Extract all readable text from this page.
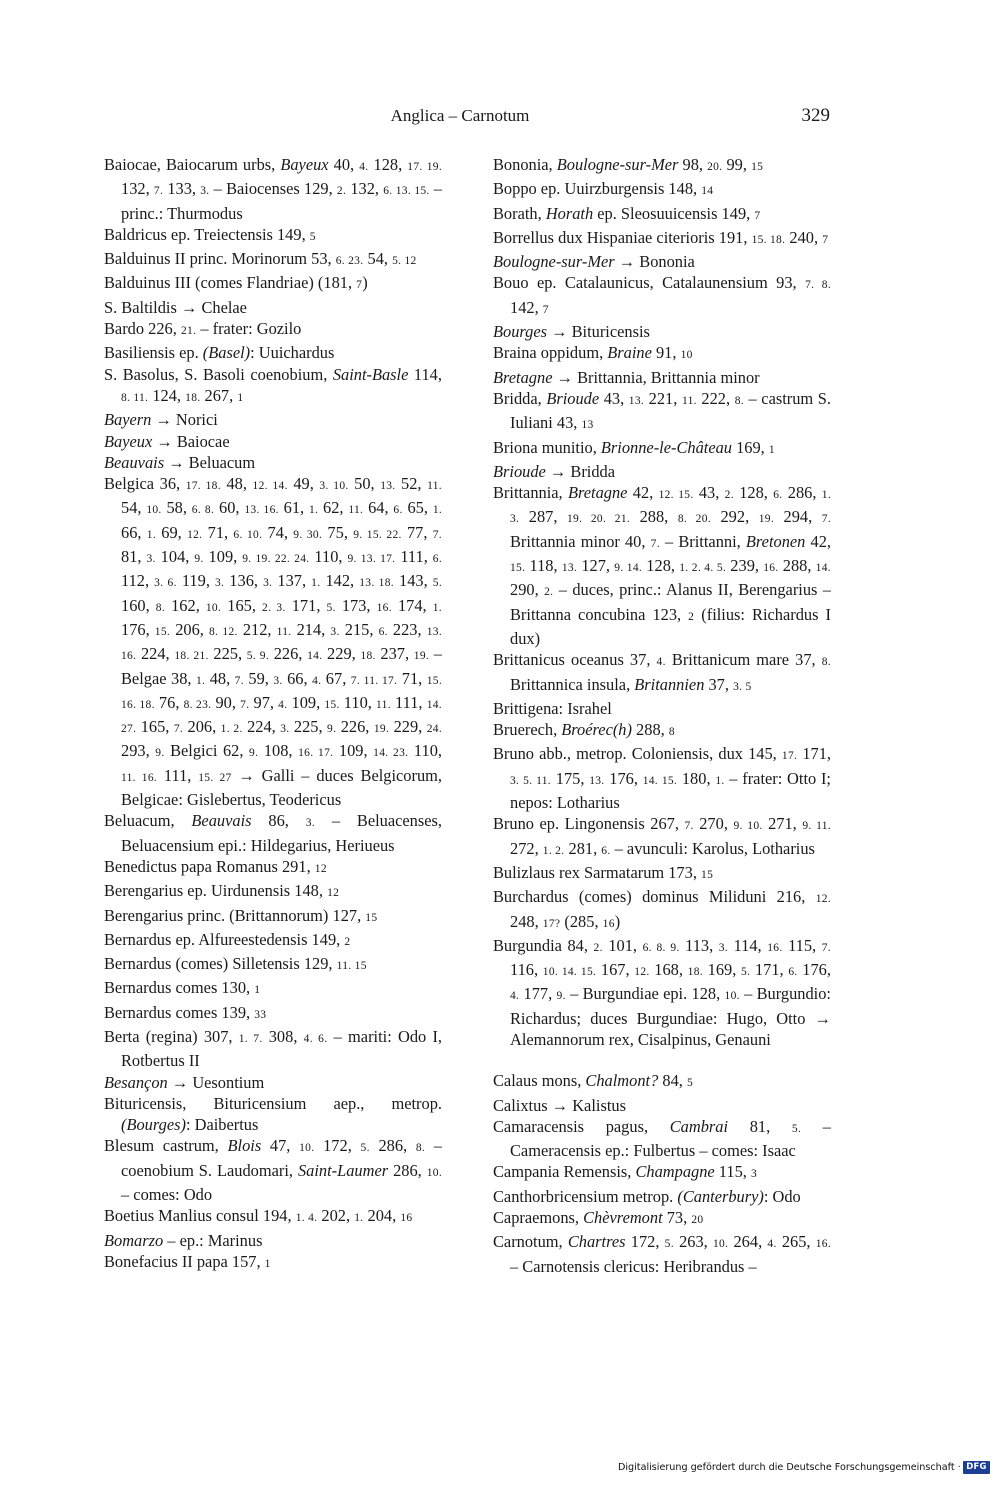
Anglica – Carnotum	329
Baiocae, Baiocarum urbs, Bayeux 40, 4. 128, 17. 19. 132, 7. 133, 3. – Baiocenses 129, 2. 132, 6. 13. 15. – princ.: Thurmodus
Baldricus ep. Treiectensis 149, 5
Balduinus II princ. Morinorum 53, 6. 23. 54, 5. 12
Balduinus III (comes Flandriae) (181, 7)
S. Baltildis → Chelae
Bardo 226, 21. – frater: Gozilo
Basiliensis ep. (Basel): Uuichardus
S. Basolus, S. Basoli coenobium, Saint-Basle 114, 8. 11. 124, 18. 267, 1
Bayern → Norici
Bayeux → Baiocae
Beauvais → Beluacum
Belgica 36, 17. 18. 48, 12. 14. 49, 3. 10. 50, 13. 52, 11. 54, 10. 58, 6. 8. 60, 13. 16. 61, 1. 62, 11. 64, 6. 65, 1. 66, 1. 69, 12. 71, 6. 10. 74, 9. 30. 75, 9. 15. 22. 77, 7. 81, 3. 104, 9. 109, 9. 19. 22. 24. 110, 9. 13. 17. 111, 6. 112, 3. 6. 119, 3. 136, 3. 137, 1. 142, 13. 18. 143, 5. 160, 8. 162, 10. 165, 2. 3. 171, 5. 173, 16. 174, 1. 176, 15. 206, 8. 12. 212, 11. 214, 3. 215, 6. 223, 13. 16. 224, 18. 21. 225, 5. 9. 226, 14. 229, 18. 237, 19. – Belgae 38, 1. 48, 7. 59, 3. 66, 4. 67, 7. 11. 17. 71, 15. 16. 18. 76, 8. 23. 90, 7. 97, 4. 109, 15. 110, 11. 111, 14. 27. 165, 7. 206, 1. 2. 224, 3. 225, 9. 226, 19. 229, 24. 293, 9. Belgici 62, 9. 108, 16. 17. 109, 14. 23. 110, 11. 16. 111, 15. 27 → Galli – duces Belgicorum, Belgicae: Gislebertus, Teodericus
Beluacum, Beauvais 86, 3. – Beluacenses, Beluacensium epi.: Hildegarius, Heriueus
Benedictus papa Romanus 291, 12
Berengarius ep. Uirdunensis 148, 12
Berengarius princ. (Brittannorum) 127, 15
Bernardus ep. Alfureestedensis 149, 2
Bernardus (comes) Silletensis 129, 11. 15
Bernardus comes 130, 1
Bernardus comes 139, 33
Berta (regina) 307, 1. 7. 308, 4. 6. – mariti: Odo I, Rotbertus II
Besançon → Uesontium
Bituricensis, Bituricensium aep., metrop. (Bourges): Daibertus
Blesum castrum, Blois 47, 10. 172, 5. 286, 8. – coenobium S. Laudomari, Saint-Laumer 286, 10. – comes: Odo
Boetius Manlius consul 194, 1. 4. 202, 1. 204, 16
Bomarzo – ep.: Marinus
Bonefacius II papa 157, 1
Bononia, Boulogne-sur-Mer 98, 20. 99, 15
Boppo ep. Uuirzburgensis 148, 14
Borath, Horath ep. Sleosuuicensis 149, 7
Borrellus dux Hispaniae citerioris 191, 15. 18. 240, 7
Boulogne-sur-Mer → Bononia
Bouo ep. Catalaunicus, Catalaunensium 93, 7. 8. 142, 7
Bourges → Bituricensis
Braina oppidum, Braine 91, 10
Bretagne → Brittannia, Brittannia minor
Bridda, Brioude 43, 13. 221, 11. 222, 8. – castrum S. Iuliani 43, 13
Briona munitio, Brionne-le-Château 169, 1
Brioude → Bridda
Brittannia, Bretagne 42, 12. 15. 43, 2. 128, 6. 286, 1. 3. 287, 19. 20. 21. 288, 8. 20. 292, 19. 294, 7. Brittannia minor 40, 7. – Brittanni, Bretonen 42, 15. 118, 13. 127, 9. 14. 128, 1. 2. 4. 5. 239, 16. 288, 14. 290, 2. – duces, princ.: Alanus II, Berengarius – Brittanna concubina 123, 2 (filius: Richardus I dux)
Brittanicus oceanus 37, 4. Brittanicum mare 37, 8. Brittannica insula, Britannien 37, 3. 5
Brittigena: Israhel
Bruerech, Broérec(h) 288, 8
Bruno abb., metrop. Coloniensis, dux 145, 17. 171, 3. 5. 11. 175, 13. 176, 14. 15. 180, 1. – frater: Otto I; nepos: Lotharius
Bruno ep. Lingonensis 267, 7. 270, 9. 10. 271, 9. 11. 272, 1. 2. 281, 6. – avunculi: Karolus, Lotharius
Bulizlaus rex Sarmatarum 173, 15
Burchardus (comes) dominus Miliduni 216, 12. 248, 17? (285, 16)
Burgundia 84, 2. 101, 6. 8. 9. 113, 3. 114, 16. 115, 7. 116, 10. 14. 15. 167, 12. 168, 18. 169, 5. 171, 6. 176, 4. 177, 9. – Burgundiae epi. 128, 10. – Burgundio: Richardus; duces Burgundiae: Hugo, Otto → Alemannorum rex, Cisalpinus, Genauni
Calaus mons, Chalmont? 84, 5
Calixtus → Kalistus
Camaracensis pagus, Cambrai 81, 5. – Cameracensis ep.: Fulbertus – comes: Isaac
Campania Remensis, Champagne 115, 3
Canthorbricensium metrop. (Canterbury): Odo
Capraemons, Chèvremont 73, 20
Carnotum, Chartres 172, 5. 263, 10. 264, 4. 265, 16. – Carnotensis clericus: Heribrandus –
Digitalisierung gefördert durch die Deutsche Forschungsgemeinschaft · DFG
